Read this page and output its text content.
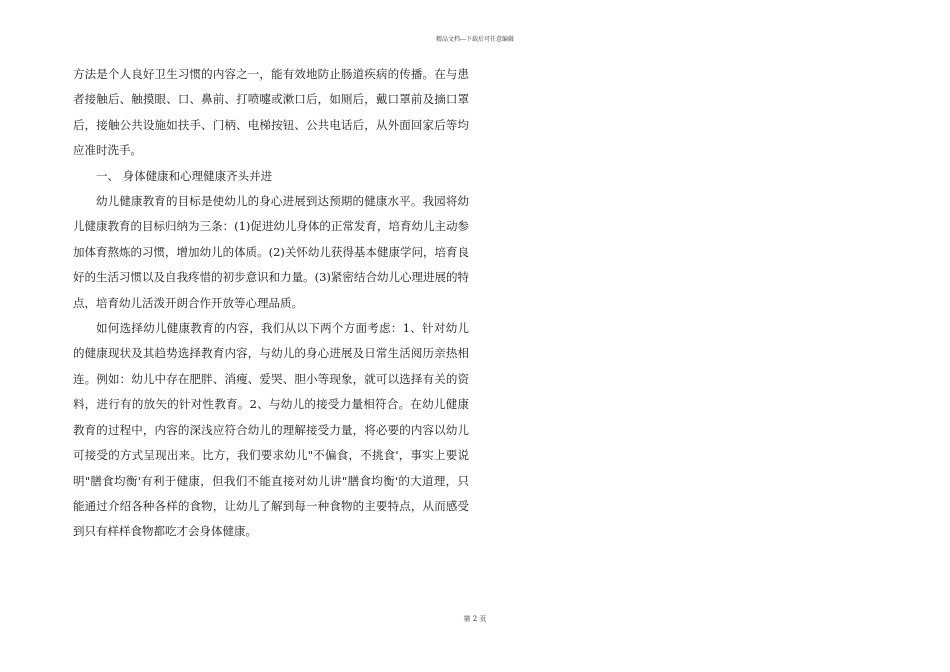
精品文档---下载后可任意编辑

方法是个人良好卫生习惯的内容之一，能有效地防止肠道疾病的传播。在与患者接触后、触摸眼、口、鼻前、打喷嚏或漱口后，如厕后，戴口罩前及摘口罩后，接触公共设施如扶手、门柄、电梯按钮、公共电话后，从外面回家后等均应准时洗手。

一、 身体健康和心理健康齐头并进

幼儿健康教育的目标是使幼儿的身心进展到达预期的健康水平。我园将幼儿健康教育的目标归纳为三条：(1)促进幼儿身体的正常发育，培育幼儿主动参加体育熬炼的习惯，增加幼儿的体质。(2)关怀幼儿获得基本健康学问，培育良好的生活习惯以及自我疼惜的初步意识和力量。(3)紧密结合幼儿心理进展的特点，培育幼儿活泼开朗合作开放等心理品质。

如何选择幼儿健康教育的内容，我们从以下两个方面考虑：1、针对幼儿的健康现状及其趋势选择教育内容，与幼儿的身心进展及日常生活阅历亲热相连。例如：幼儿中存在肥胖、消瘦、爱哭、胆小等现象，就可以选择有关的资料，进行有的放矢的针对性教育。2、与幼儿的接受力量相符合。在幼儿健康教育的过程中，内容的深浅应符合幼儿的理解接受力量，将必要的内容以幼儿可接受的方式呈现出来。比方，我们要求幼儿"不偏食，不挑食'，事实上要说明"膳食均衡'有利于健康，但我们不能直接对幼儿讲"膳食均衡'的大道理，只能通过介绍各种各样的食物，让幼儿了解到每一种食物的主要特点，从而感受到只有样样食物都吃才会身体健康。

第 2 页
